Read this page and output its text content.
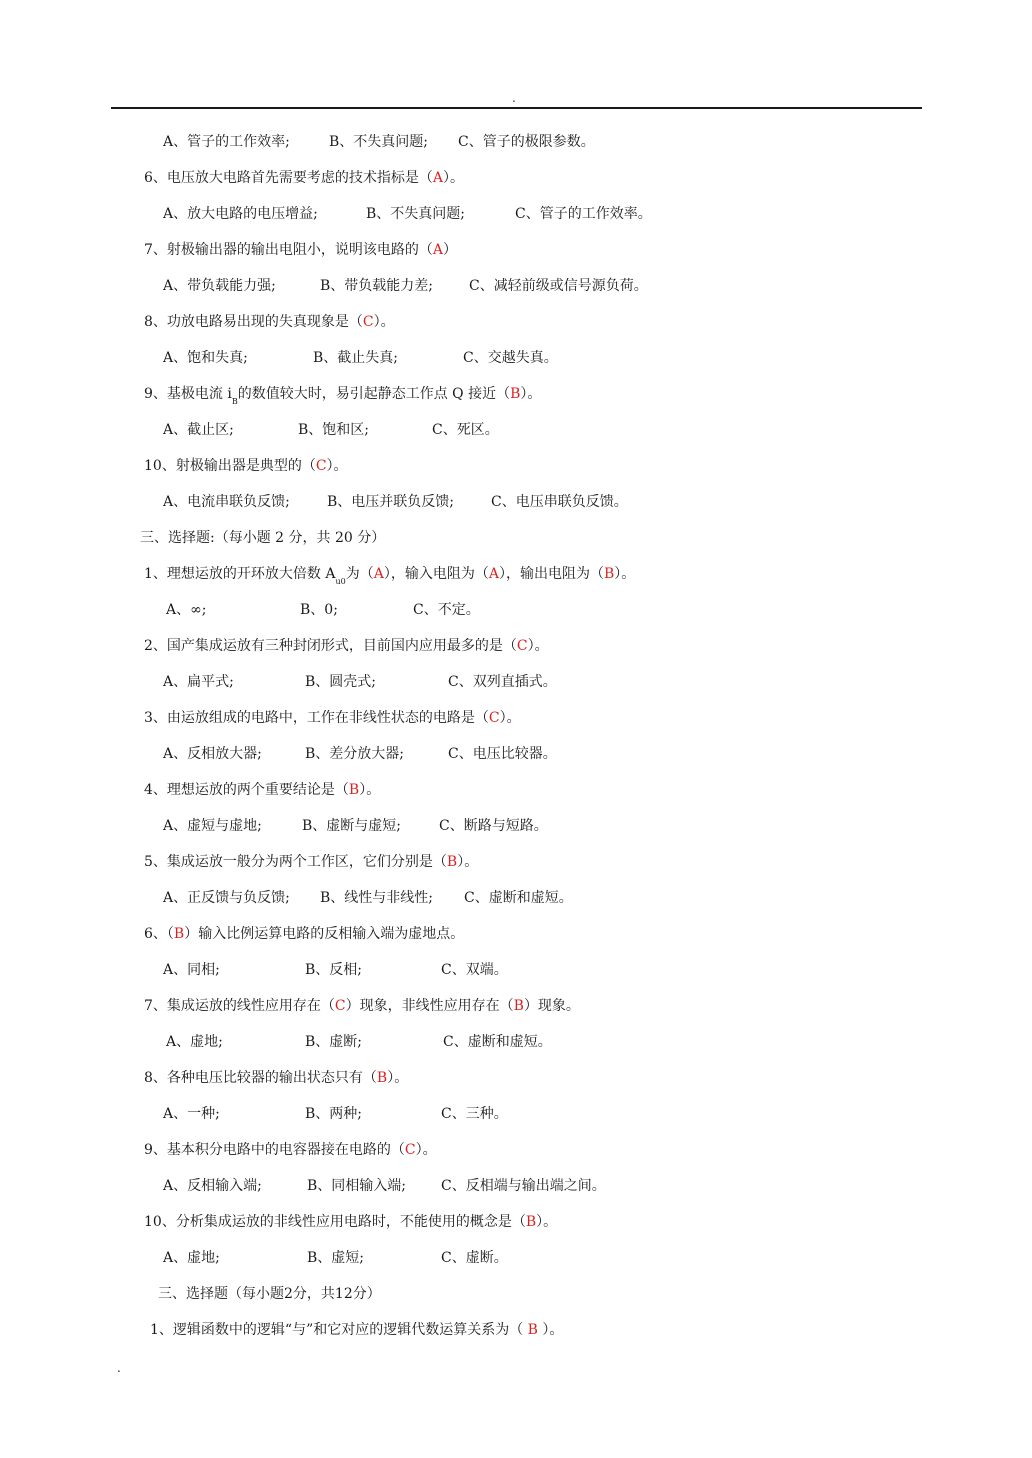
.
A、管子的工作效率;	B、不失真问题; C、管子的极限参数。
6、电压放大电路首先需要考虑的技术指标是（A）。
A、放大电路的电压增益;	B、不失真问题;	C、管子的工作效率。
7、射极输出器的输出电阻小，说明该电路的（A）
A、带负载能力强;	B、带负载能力差;	C、减轻前级或信号源负荷。
8、功放电路易出现的失真现象是（C）。
A、饱和失真;	B、截止失真;	C、交越失真。
9、基极电流 $i_B$的数值较大时，易引起静态工作点 Q 接近（B）。
A、截止区;	B、饱和区;	C、死区。
10、射极输出器是典型的（C）。
A、电流串联负反馈;	B、电压并联负反馈;	C、电压串联负反馈。
三、选择题:（每小题 2 分，共 20 分）
1、理想运放的开环放大倍数 $A_{u0}$为（A），输入电阻为（A），输出电阻为（B）。
A、∞;	B、0;	C、不定。
2、国产集成运放有三种封闭形式，目前国内应用最多的是（C）。
A、扁平式;	B、圆壳式;	C、双列直插式。
3、由运放组成的电路中，工作在非线性状态的电路是（C）。
A、反相放大器;	B、差分放大器;	C、电压比较器。
4、理想运放的两个重要结论是（B）。
A、虚短与虚地;	B、虚断与虚短;	C、断路与短路。
5、集成运放一般分为两个工作区，它们分别是（B）。
A、正反馈与负反馈; B、线性与非线性; C、虚断和虚短。
6、（B）输入比例运算电路的反相输入端为虚地点。
A、同相;	B、反相;	C、双端。
7、集成运放的线性应用存在（C）现象，非线性应用存在（B）现象。
A、虚地;	B、虚断;	C、虚断和虚短。
8、各种电压比较器的输出状态只有（B）。
A、一种;	B、两种;	C、三种。
9、基本积分电路中的电容器接在电路的（C）。
A、反相输入端;	B、同相输入端; C、反相端与输出端之间。
10、分析集成运放的非线性应用电路时，不能使用的概念是（B）。
A、虚地;	B、虚短;	C、虚断。
三、选择题（每小题2分，共12分）
1、逻辑函数中的逻辑“与”和它对应的逻辑代数运算关系为（ B ）。
.
